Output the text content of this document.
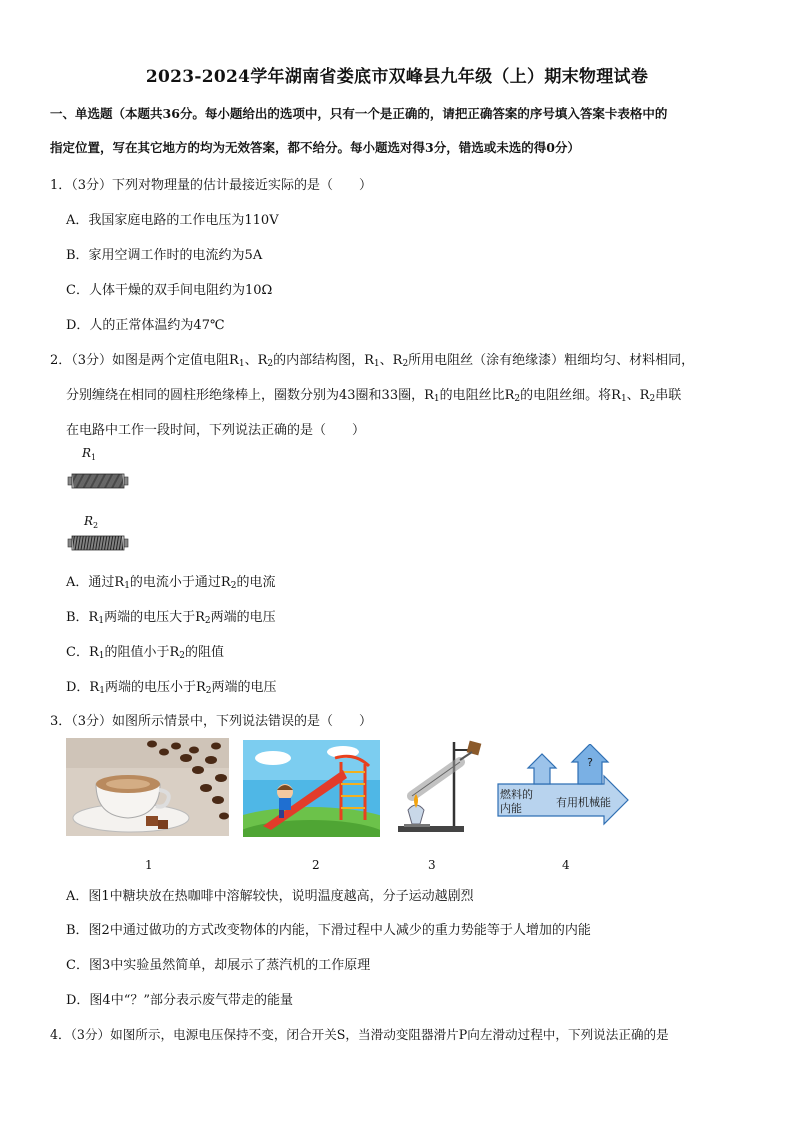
2023-2024学年湖南省娄底市双峰县九年级（上）期末物理试卷
一、单选题（本题共36分。每小题给出的选项中，只有一个是正确的，请把正确答案的序号填入答案卡表格中的
指定位置，写在其它地方的均为无效答案，都不给分。每小题选对得3分，错选或未选的得0分）
1．（3分）下列对物理量的估计最接近实际的是（　　）
A．我国家庭电路的工作电压为110V
B．家用空调工作时的电流约为5A
C．人体干燥的双手间电阻约为10Ω
D．人的正常体温约为47℃
2．（3分）如图是两个定值电阻$R_1$、$R_2$的内部结构图，$R_1$、$R_2$所用电阻丝（涂有绝缘漆）粗细均匀、材料相同，
分别缠绕在相同的圆柱形绝缘棒上，圈数分别为43圈和33圈，$R_1$的电阻丝比$R_2$的电阻丝细。将$R_1$、$R_2$串联
在电路中工作一段时间，下列说法正确的是（　　）
$R_1$
$R_2$
A．通过$R_1$的电流小于通过$R_2$的电流
B．$R_1$两端的电压大于$R_2$两端的电压
C．$R_1$的阻值小于$R_2$的阻值
D．$R_1$两端的电压小于$R_2$两端的电压
3．（3分）如图所示情景中，下列说法错误的是（　　）
?
燃料的
内能	有用机械能
1	2	3	4
A．图1中糖块放在热咖啡中溶解较快，说明温度越高，分子运动越剧烈
B．图2中通过做功的方式改变物体的内能，下滑过程中人减少的重力势能等于人增加的内能
C．图3中实验虽然简单，却展示了蒸汽机的工作原理
D．图4中“？”部分表示废气带走的能量
4．（3分）如图所示，电源电压保持不变，闭合开关S，当滑动变阻器滑片P向左滑动过程中，下列说法正确的是
